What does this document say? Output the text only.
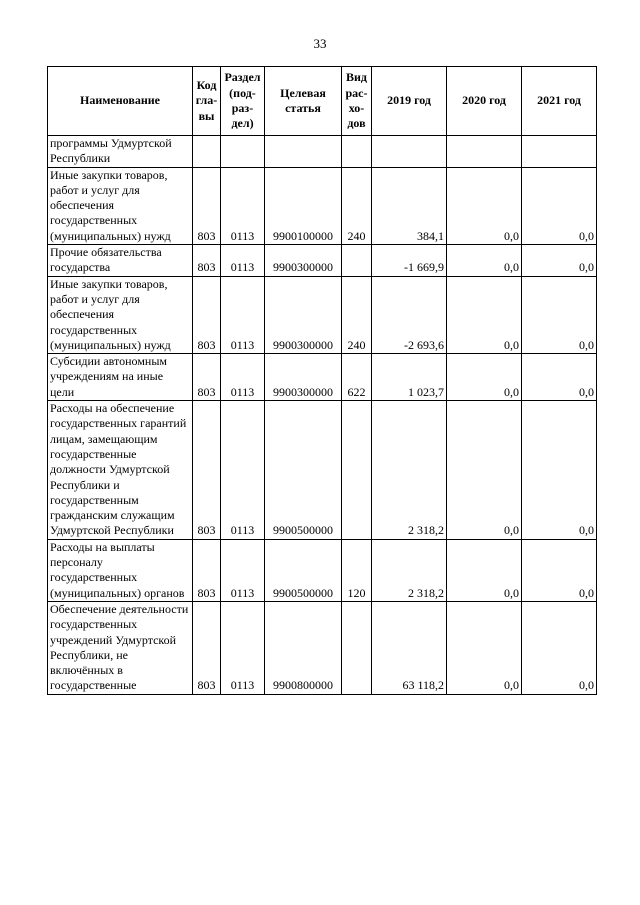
33
Наименование	Код гла-вы	Раздел (под-раз-дел)	Целевая статья	Вид рас-хо-дов	2019 год	2020 год	2021 год
программы Удмуртской Республики							
Иные закупки товаров, работ и услуг для обеспечения государственных (муниципальных) нужд	803	0113	9900100000	240	384,1	0,0	0,0
Прочие обязательства государства	803	0113	9900300000		-1 669,9	0,0	0,0
Иные закупки товаров, работ и услуг для обеспечения государственных (муниципальных) нужд	803	0113	9900300000	240	-2 693,6	0,0	0,0
Субсидии автономным учреждениям на иные цели	803	0113	9900300000	622	1 023,7	0,0	0,0
Расходы на обеспечение государственных гарантий лицам, замещающим государственные должности Удмуртской Республики и государственным гражданским служащим Удмуртской Республики	803	0113	9900500000		2 318,2	0,0	0,0
Расходы на выплаты персоналу государственных (муниципальных) органов	803	0113	9900500000	120	2 318,2	0,0	0,0
Обеспечение деятельности государственных учреждений Удмуртской Республики, не включённых в государственные	803	0113	9900800000		63 118,2	0,0	0,0
